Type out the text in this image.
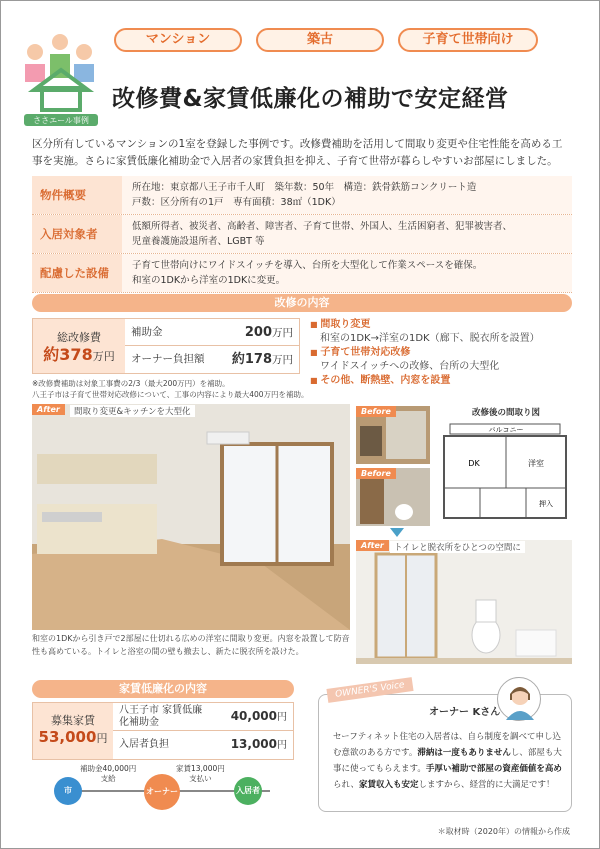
マンション	築古	子育て世帯向け
ささエール事例
改修費&家賃低廉化の補助で安定経営
区分所有しているマンションの1室を登録した事例です。改修費補助を活用して間取り変更や住宅性能を高める工事を実施。さらに家賃低廉化補助金で入居者の家賃負担を抑え、子育て世帯が暮らしやすいお部屋にしました。
物件概要
所在地：東京都八王子市千人町　築年数：50年　構造：鉄骨鉄筋コンクリート造
戸数：区分所有の1戸　専有面積：38㎡（1DK）
入居対象者
低額所得者、被災者、高齢者、障害者、子育て世帯、外国人、生活困窮者、犯罪被害者、
児童養護施設退所者、LGBT 等
配慮した設備
子育て世帯向けにワイドスイッチを導入、台所を大型化して作業スペースを確保。
和室の1DKから洋室の1DKに変更。
改修の内容
総改修費
約378万円
補助金	200万円
オーナー負担額 約178万円
※改修費補助は対象工事費の2/3（最大200万円）を補助。
八王子市は子育て世帯対応改修について、工事の内容により最大400万円を補助。
■ 間取り変更
和室の1DK→洋室の1DK（廊下、脱衣所を設置）
■ 子育て世帯対応改修
ワイドスイッチへの改修、台所の大型化
■ その他、断熱壁、内窓を設置
After	間取り変更&キッチンを大型化	Before
Before
改修後の間取り図
バルコニー
DK	洋室
押入
After	トイレと脱衣所をひとつの空間に
和室の1DKから引き戸で2部屋に仕切れる広めの洋室に間取り変更。内窓を設置して防音性も高めている。トイレと浴室の間の壁も撤去し、新たに脱衣所を設けた。
家賃低廉化の内容
募集家賃
53,000円
八王子市 家賃低廉化補助金	40,000円
入居者負担	13,000円
市	オーナー	入居者
補助金40,000円
支給
家賃13,000円
支払い
OWNER'S Voice
オーナー Kさん
セーフティネット住宅の入居者は、自ら制度を調べて申し込む意欲のある方です。滞納は一度もありませんし、部屋も大事に使ってもらえます。手厚い補助で部屋の資産価値を高められ、家賃収入も安定しますから、経営的に大満足です！
＊取材時（2020年）の情報から作成
